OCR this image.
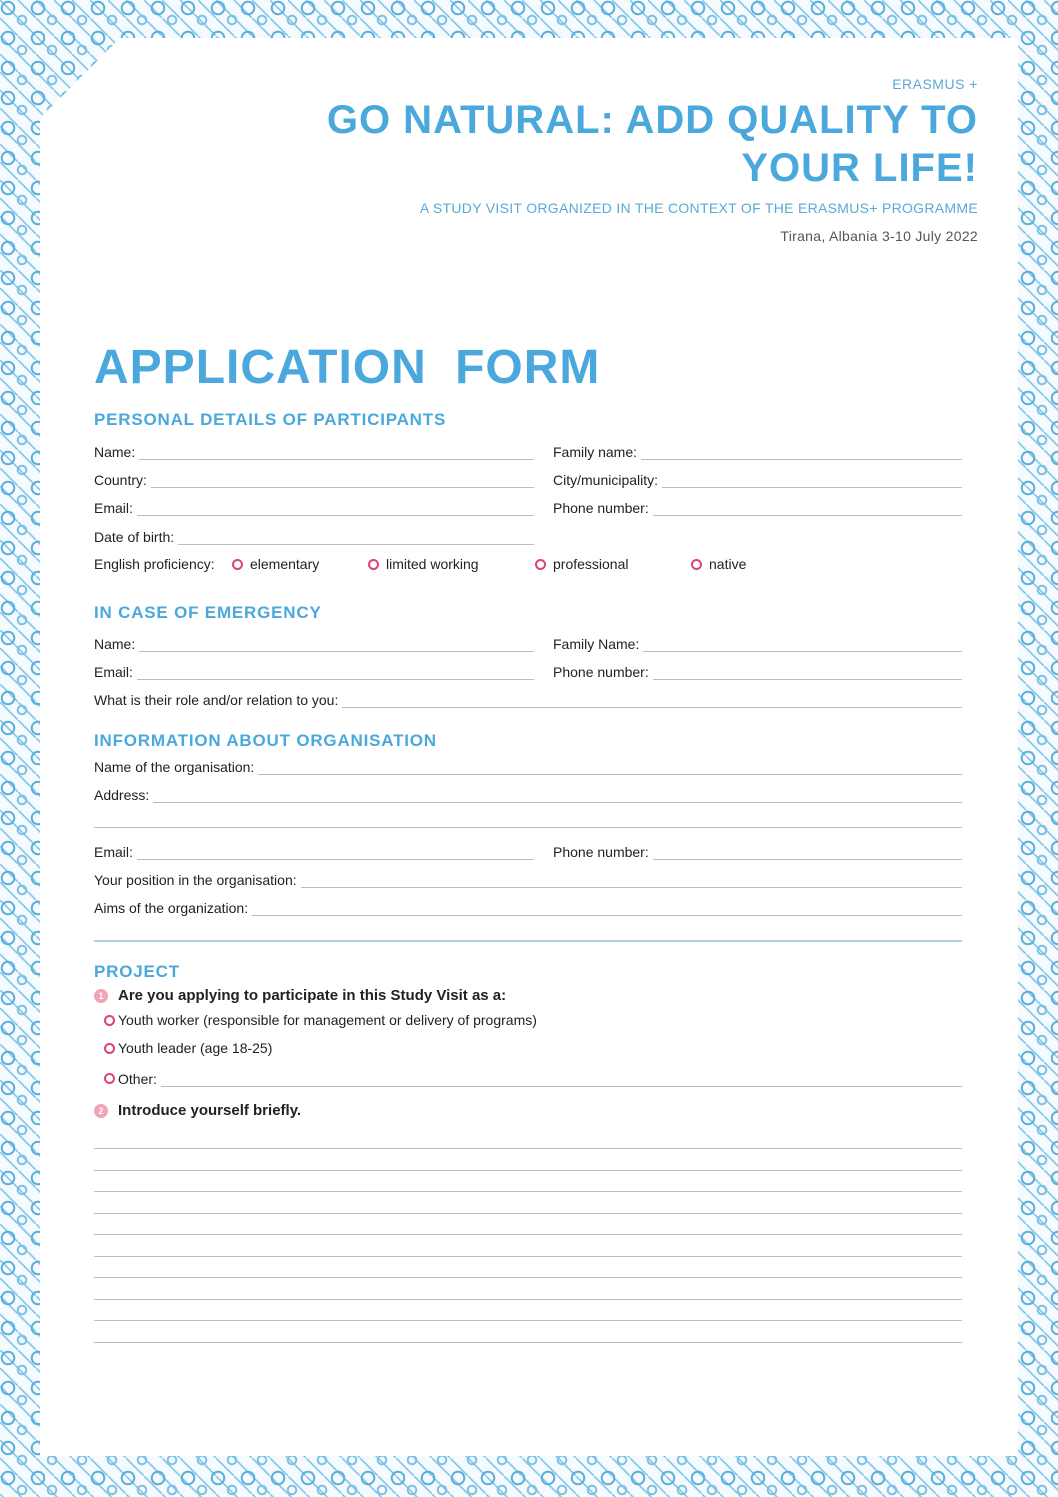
ERASMUS +
GO NATURAL: ADD QUALITY TO YOUR LIFE!
A STUDY VISIT ORGANIZED IN THE CONTEXT OF THE ERASMUS+ PROGRAMME
Tirana, Albania 3-10 July 2022
APPLICATION FORM
PERSONAL DETAILS OF PARTICIPANTS
Name:	Family name:
Country:	City/municipality:
Email:	Phone number:
Date of birth:
English proficiency:	elementary	limited working	professional	native
IN CASE OF EMERGENCY
Name:	Family Name:
Email:	Phone number:
What is their role and/or relation to you:
INFORMATION ABOUT ORGANISATION
Name of the organisation:
Address:
Email:	Phone number:
Your position in the organisation:
Aims of the organization:
PROJECT
1 Are you applying to participate in this Study Visit as a:
Youth worker (responsible for management or delivery of programs)
Youth leader (age 18-25)
Other:
2 Introduce yourself briefly.
